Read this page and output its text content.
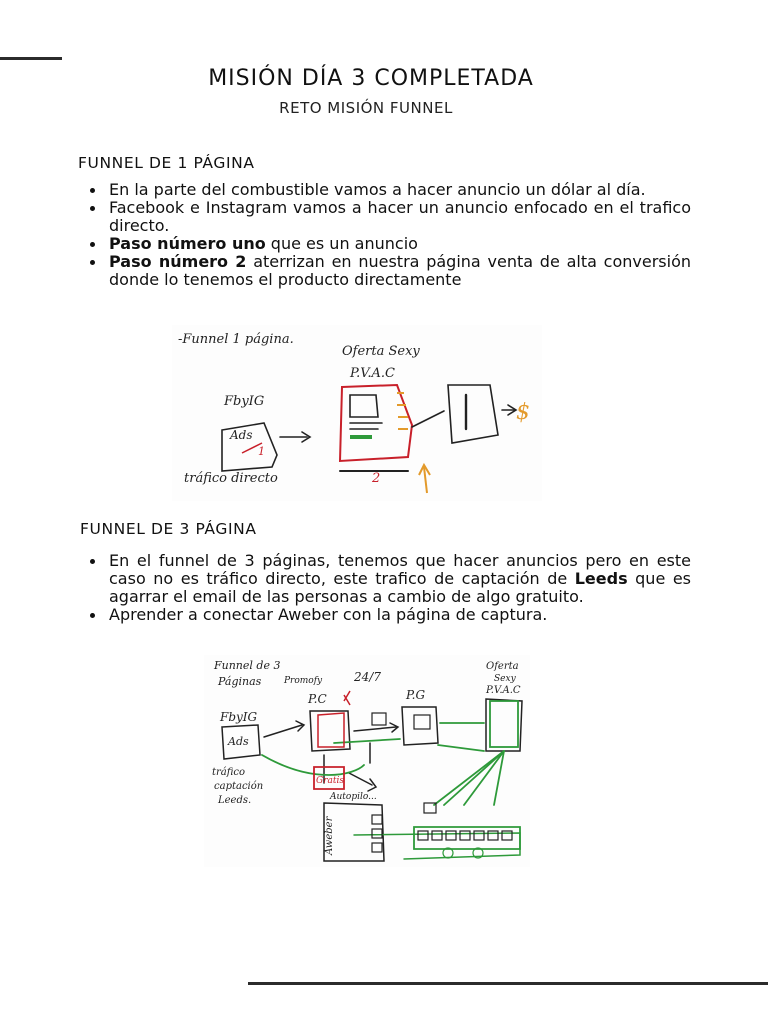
MISIÓN DÍA 3 COMPLETADA
RETO MISIÓN FUNNEL
FUNNEL DE 1 PÁGINA
En la parte del combustible vamos a hacer anuncio un dólar al día.
Facebook e Instagram vamos a hacer un anuncio enfocado en el trafico directo.
Paso número uno que es un anuncio
Paso número 2 aterrizan en nuestra página venta de alta conversión donde lo tenemos el producto directamente
-Funnel 1 página.
Oferta Sexy
P.V.A.C
FbyIG
Ads
1
2
tráfico directo
$
FUNNEL DE 3 PÁGINA
En el funnel de 3 páginas, tenemos que hacer anuncios pero en este caso no es tráfico directo, este trafico de captación de Leeds que es agarrar el email de las personas a cambio de algo gratuito.
Aprender a conectar Aweber con la página de captura.
Funnel de 3
Páginas	Promofy
FbyIG
Ads
tráfico
captación
Leeds.
P.C	P.G
24/7
Oferta
Sexy
P.V.A.C
Gratis
Autopilo...
Aweber
